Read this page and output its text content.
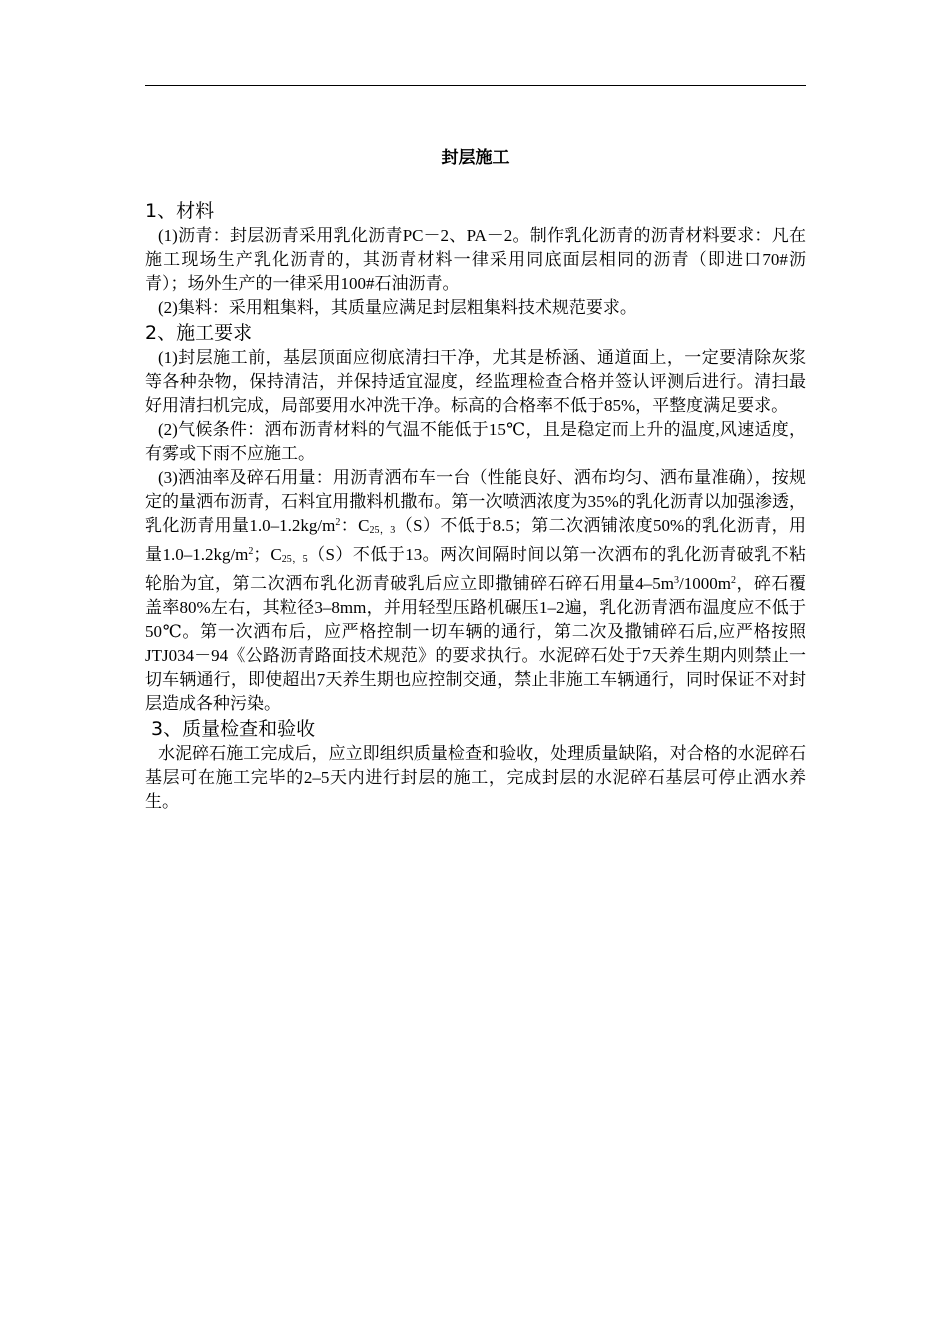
封层施工
1、材料

(1)沥青：封层沥青采用乳化沥青PC－2、PA－2。制作乳化沥青的沥青材料要求：凡在施工现场生产乳化沥青的，其沥青材料一律采用同底面层相同的沥青（即进口70#沥青）；场外生产的一律采用100#石油沥青。

(2)集料：采用粗集料，其质量应满足封层粗集料技术规范要求。

2、施工要求

(1)封层施工前，基层顶面应彻底清扫干净，尤其是桥涵、通道面上，一定要清除灰浆等各种杂物，保持清洁，并保持适宜湿度，经监理检查合格并签认评测后进行。清扫最好用清扫机完成，局部要用水冲洗干净。标高的合格率不低于85%，平整度满足要求。

(2)气候条件：洒布沥青材料的气温不能低于15℃，且是稳定而上升的温度,风速适度，有雾或下雨不应施工。

(3)洒油率及碎石用量：用沥青洒布车一台（性能良好、洒布均匀、洒布量准确），按规定的量洒布沥青，石料宜用撒料机撒布。第一次喷洒浓度为35%的乳化沥青以加强渗透，乳化沥青用量$1.0-1.2kg/m^2$：$C_{25,3}(S)$不低于8.5；第二次洒铺浓度50%的乳化沥青，用量$1.0-1.2kg/m^2$；$C_{25,5}(S)$不低于13。两次间隔时间以第一次洒布的乳化沥青破乳不粘轮胎为宜，第二次洒布乳化沥青破乳后应立即撒铺碎石碎石用量$4-5m^3/1000m^2$，碎石覆盖率80%左右，其粒径3–8mm，并用轻型压路机碾压1–2遍，乳化沥青洒布温度应不低于50℃。第一次洒布后，应严格控制一切车辆的通行，第二次及撒铺碎石后,应严格按照JTJ034－94《公路沥青路面技术规范》的要求执行。水泥碎石处于7天养生期内则禁止一切车辆通行，即使超出7天养生期也应控制交通，禁止非施工车辆通行，同时保证不对封层造成各种污染。

3、质量检查和验收

水泥碎石施工完成后，应立即组织质量检查和验收，处理质量缺陷，对合格的水泥碎石基层可在施工完毕的2–5天内进行封层的施工，完成封层的水泥碎石基层可停止洒水养生。
